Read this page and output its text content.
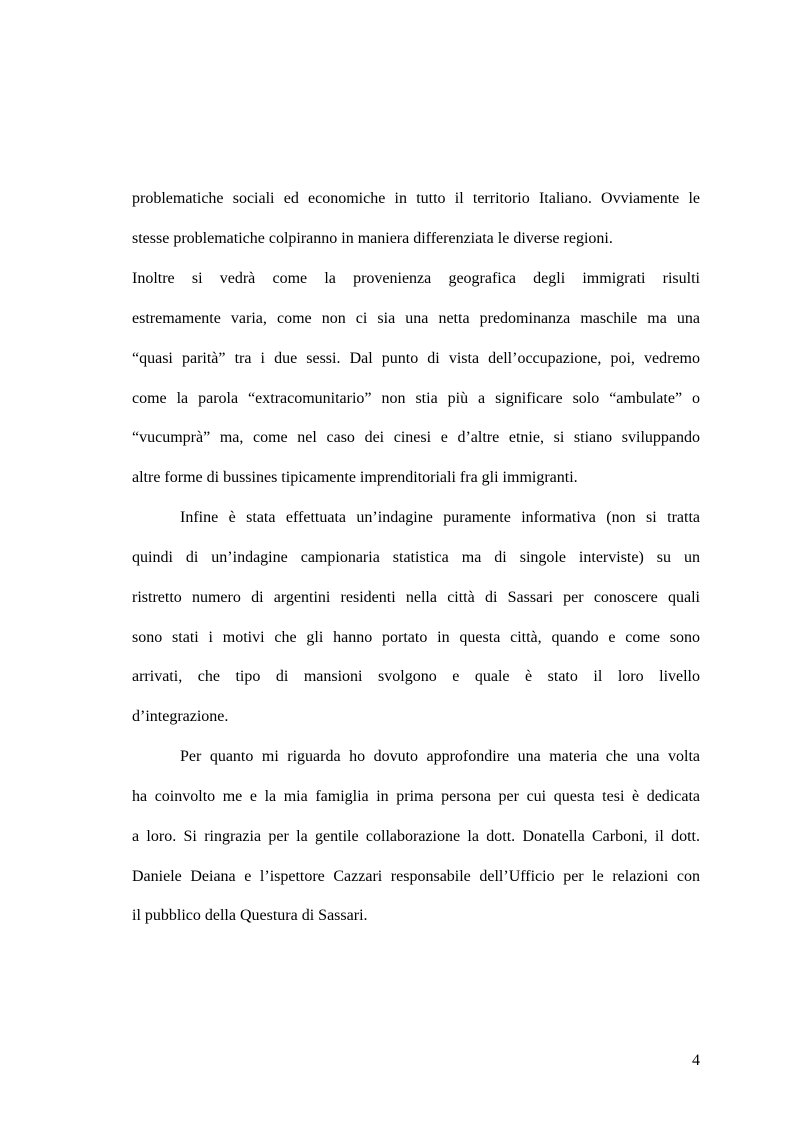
problematiche sociali ed economiche in tutto il territorio Italiano. Ovviamente le
stesse problematiche colpiranno in maniera differenziata le diverse regioni.
Inoltre si vedrà come la provenienza geografica degli immigrati risulti
estremamente varia, come non ci sia una netta predominanza maschile ma una
“quasi parità” tra i due sessi. Dal punto di vista dell’occupazione, poi, vedremo
come la parola “extracomunitario” non stia più a significare solo “ambulate” o
“vucumprà” ma, come nel caso dei cinesi e d’altre etnie, si stiano sviluppando
altre forme di bussines tipicamente imprenditoriali fra gli immigranti.
Infine è stata effettuata un’indagine puramente informativa (non si tratta
quindi di un’indagine campionaria statistica ma di singole interviste) su un
ristretto numero di argentini residenti nella città di Sassari per conoscere quali
sono stati i motivi che gli hanno portato in questa città, quando e come sono
arrivati, che tipo di mansioni svolgono e quale è stato il loro livello
d’integrazione.
Per quanto mi riguarda ho dovuto approfondire una materia che una volta
ha coinvolto me e la mia famiglia in prima persona per cui questa tesi è dedicata
a loro. Si ringrazia per la gentile collaborazione la dott. Donatella Carboni, il dott.
Daniele Deiana e l’ispettore Cazzari responsabile dell’Ufficio per le relazioni con
il pubblico della Questura di Sassari.
4
